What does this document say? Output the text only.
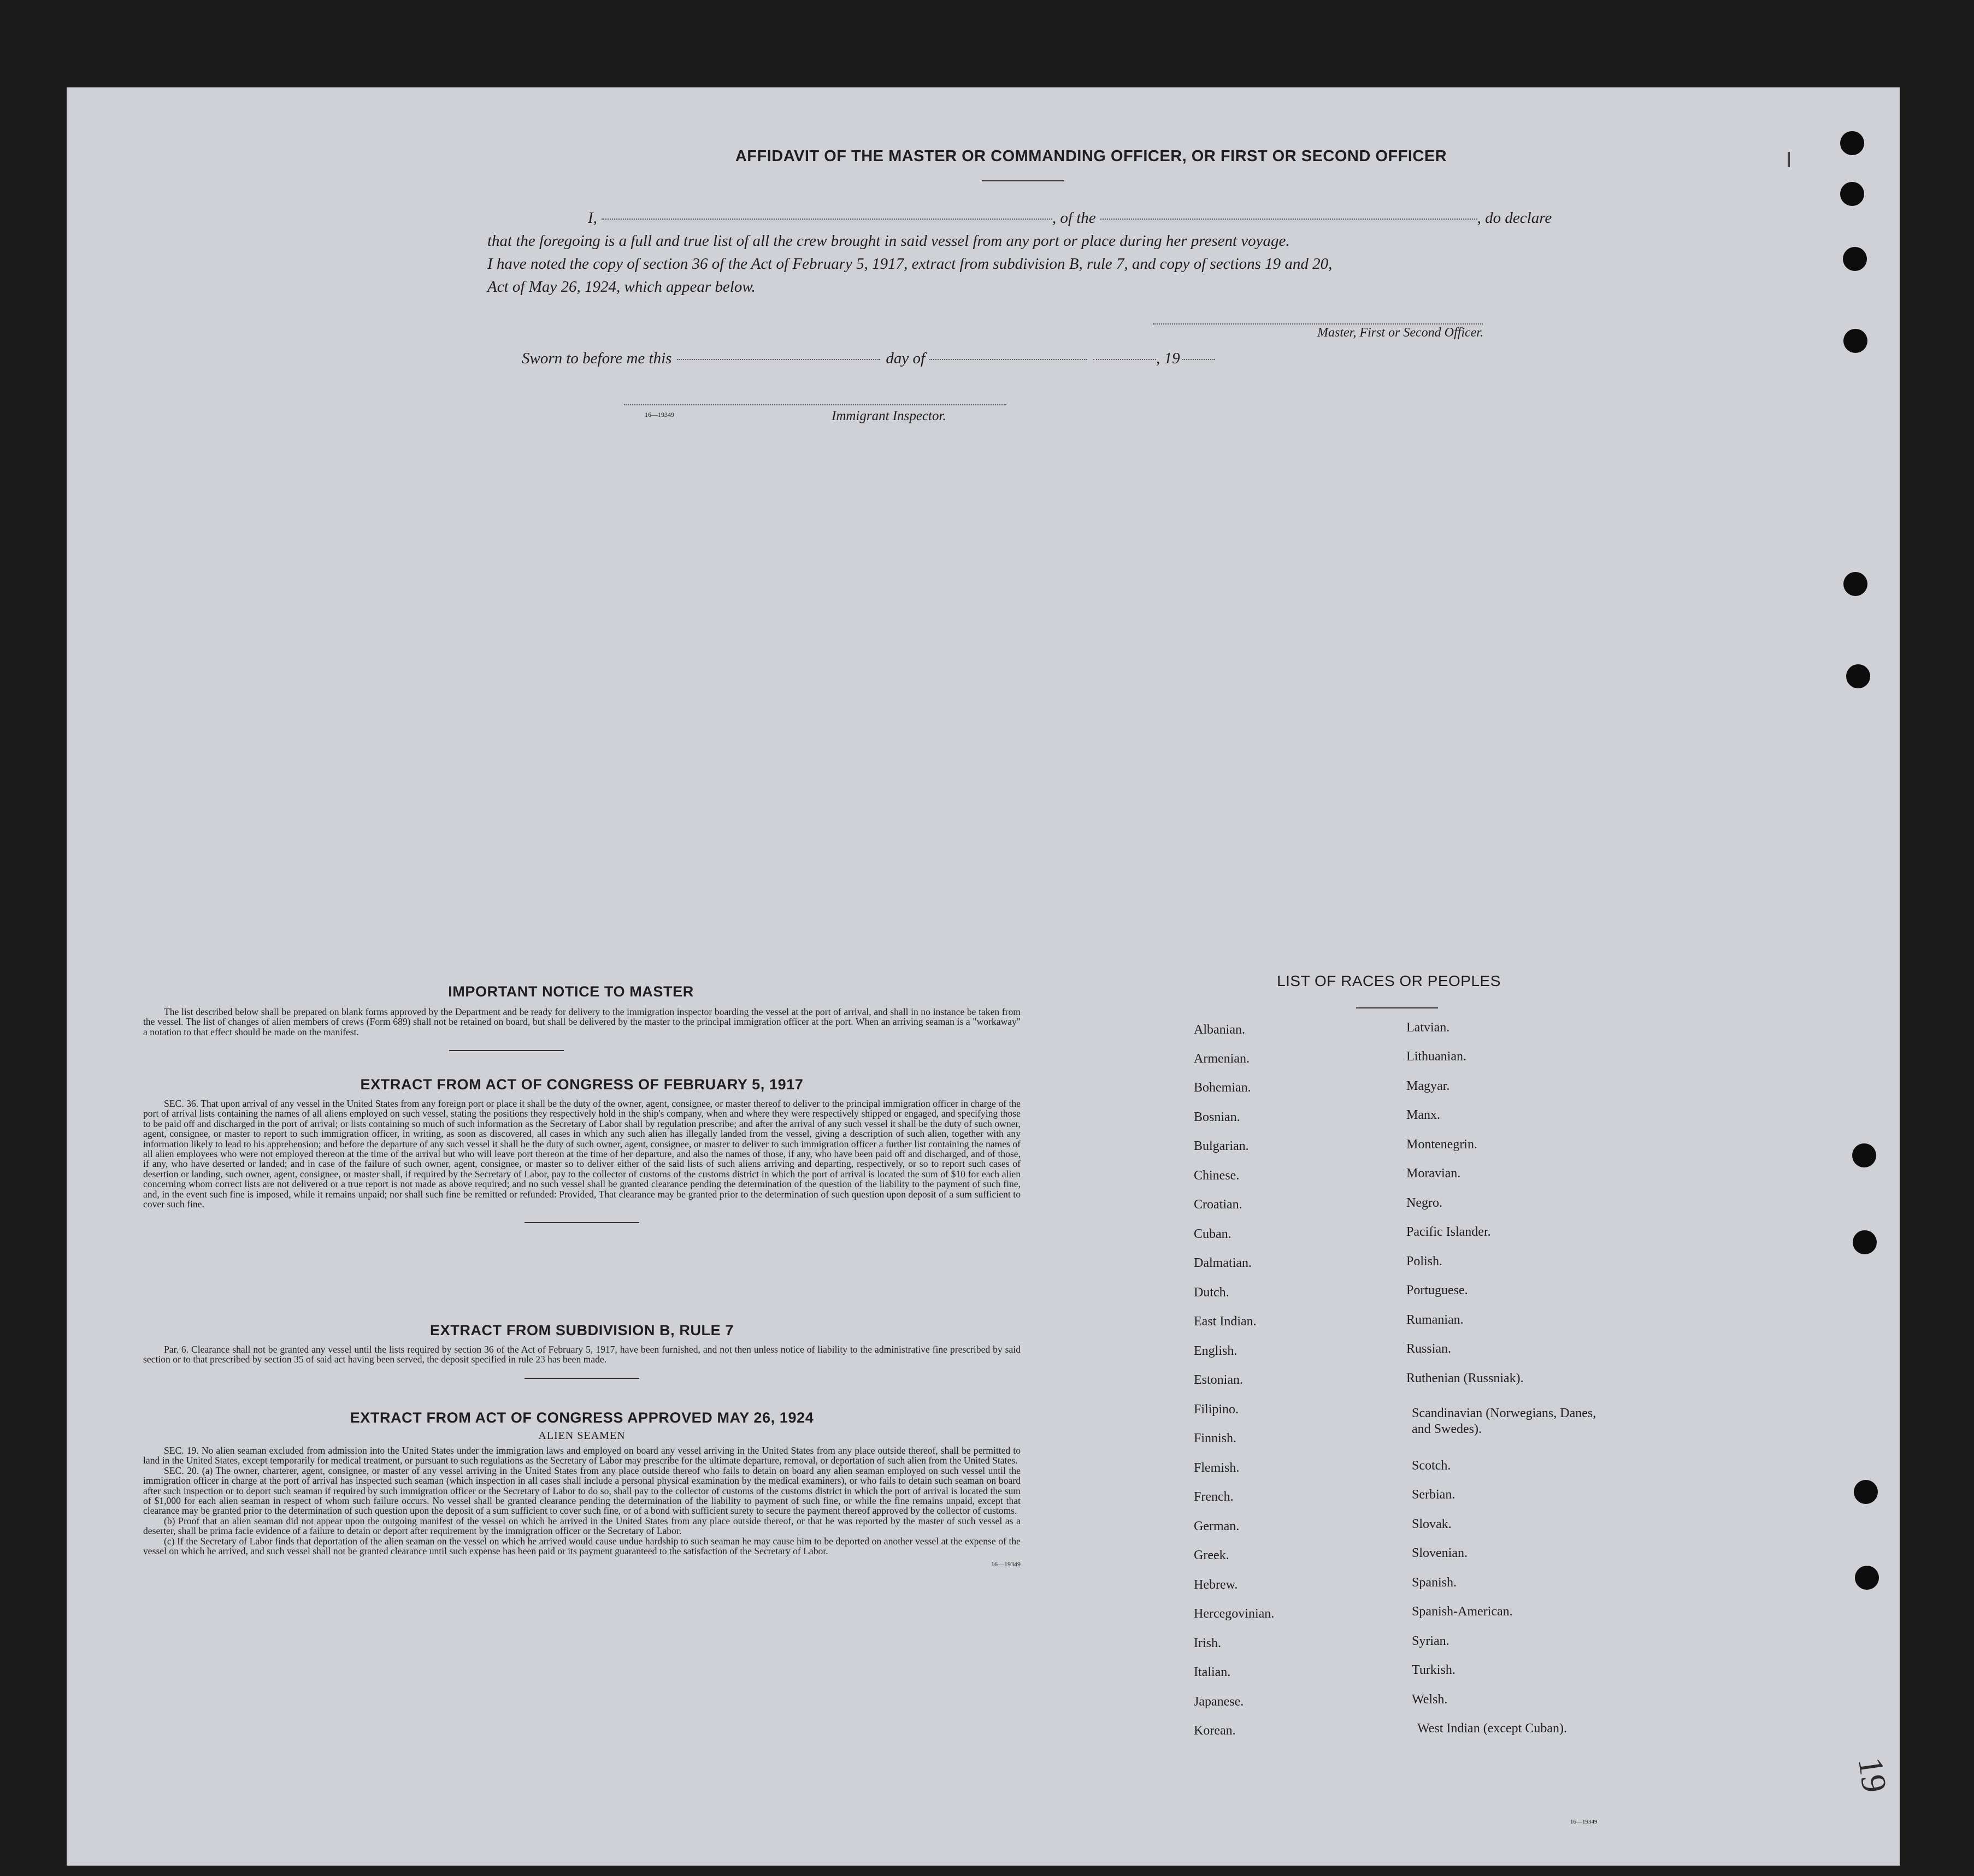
AFFIDAVIT OF THE MASTER OR COMMANDING OFFICER, OR FIRST OR SECOND OFFICER
I,	, of the	, do declare
that the foregoing is a full and true list of all the crew brought in said vessel from any port or place during her present voyage.
I have noted the copy of section 36 of the Act of February 5, 1917, extract from subdivision B, rule 7, and copy of sections 19 and 20,
Act of May 26, 1924, which appear below.
Master, First or Second Officer.
Sworn to before me this	day of	, 19
16—19349	Immigrant Inspector.
IMPORTANT NOTICE TO MASTER

The list described below shall be prepared on blank forms approved by the Department and be ready for delivery to the immigration inspector boarding the vessel at the port of arrival, and shall in no instance be taken from the vessel. The list of changes of alien members of crews (Form 689) shall not be retained on board, but shall be delivered by the master to the principal immigration officer at the port. When an arriving seaman is a "workaway" a notation to that effect should be made on the manifest.

EXTRACT FROM ACT OF CONGRESS OF FEBRUARY 5, 1917

SEC. 36. That upon arrival of any vessel in the United States from any foreign port or place it shall be the duty of the owner, agent, consignee, or master thereof to deliver to the principal immigration officer in charge of the port of arrival lists containing the names of all aliens employed on such vessel, stating the positions they respectively hold in the ship's company, when and where they were respectively shipped or engaged, and specifying those to be paid off and discharged in the port of arrival; or lists containing so much of such information as the Secretary of Labor shall by regulation prescribe; and after the arrival of any such vessel it shall be the duty of such owner, agent, consignee, or master to report to such immigration officer, in writing, as soon as discovered, all cases in which any such alien has illegally landed from the vessel, giving a description of such alien, together with any information likely to lead to his apprehension; and before the departure of any such vessel it shall be the duty of such owner, agent, consignee, or master to deliver to such immigration officer a further list containing the names of all alien employees who were not employed thereon at the time of the arrival but who will leave port thereon at the time of her departure, and also the names of those, if any, who have been paid off and discharged, and of those, if any, who have deserted or landed; and in case of the failure of such owner, agent, consignee, or master so to deliver either of the said lists of such aliens arriving and departing, respectively, or so to report such cases of desertion or landing, such owner, agent, consignee, or master shall, if required by the Secretary of Labor, pay to the collector of customs of the customs district in which the port of arrival is located the sum of $10 for each alien concerning whom correct lists are not delivered or a true report is not made as above required; and no such vessel shall be granted clearance pending the determination of the question of the liability to the payment of such fine, and, in the event such fine is imposed, while it remains unpaid; nor shall such fine be remitted or refunded: Provided, That clearance may be granted prior to the determination of such question upon deposit of a sum sufficient to cover such fine.

EXTRACT FROM SUBDIVISION B, RULE 7

Par. 6. Clearance shall not be granted any vessel until the lists required by section 36 of the Act of February 5, 1917, have been furnished, and not then unless notice of liability to the administrative fine prescribed by said section or to that prescribed by section 35 of said act having been served, the deposit specified in rule 23 has been made.

EXTRACT FROM ACT OF CONGRESS APPROVED MAY 26, 1924
ALIEN SEAMEN

SEC. 19. No alien seaman excluded from admission into the United States under the immigration laws and employed on board any vessel arriving in the United States from any place outside thereof, shall be permitted to land in the United States, except temporarily for medical treatment, or pursuant to such regulations as the Secretary of Labor may prescribe for the ultimate departure, removal, or deportation of such alien from the United States.

SEC. 20. (a) The owner, charterer, agent, consignee, or master of any vessel arriving in the United States from any place outside thereof who fails to detain on board any alien seaman employed on such vessel until the immigration officer in charge at the port of arrival has inspected such seaman (which inspection in all cases shall include a personal physical examination by the medical examiners), or who fails to detain such seaman on board after such inspection or to deport such seaman if required by such immigration officer or the Secretary of Labor to do so, shall pay to the collector of customs of the customs district in which the port of arrival is located the sum of $1,000 for each alien seaman in respect of whom such failure occurs. No vessel shall be granted clearance pending the determination of the liability to payment of such fine, or while the fine remains unpaid, except that clearance may be granted prior to the determination of such question upon the deposit of a sum sufficient to cover such fine, or of a bond with sufficient surety to secure the payment thereof approved by the collector of customs.

(b) Proof that an alien seaman did not appear upon the outgoing manifest of the vessel on which he arrived in the United States from any place outside thereof, or that he was reported by the master of such vessel as a deserter, shall be prima facie evidence of a failure to detain or deport after requirement by the immigration officer or the Secretary of Labor.

(c) If the Secretary of Labor finds that deportation of the alien seaman on the vessel on which he arrived would cause undue hardship to such seaman he may cause him to be deported on another vessel at the expense of the vessel on which he arrived, and such vessel shall not be granted clearance until such expense has been paid or its payment guaranteed to the satisfaction of the Secretary of Labor.

16—19349
LIST OF RACES OR PEOPLES
Albanian.
Armenian.
Bohemian.
Bosnian.
Bulgarian.
Chinese.
Croatian.
Cuban.
Dalmatian.
Dutch.
East Indian.
English.
Estonian.
Filipino.
Finnish.
Flemish.
French.
German.
Greek.
Hebrew.
Hercegovinian.
Irish.
Italian.
Japanese.
Korean.
Latvian.
Lithuanian.
Magyar.
Manx.
Montenegrin.
Moravian.
Negro.
Pacific Islander.
Polish.
Portuguese.
Rumanian.
Russian.
Ruthenian (Russniak).
Scandinavian (Norwegians, Danes, and Swedes).
Scotch.
Serbian.
Slovak.
Slovenian.
Spanish.
Spanish-American.
Syrian.
Turkish.
Welsh.
West Indian (except Cuban).
16—19349
19
